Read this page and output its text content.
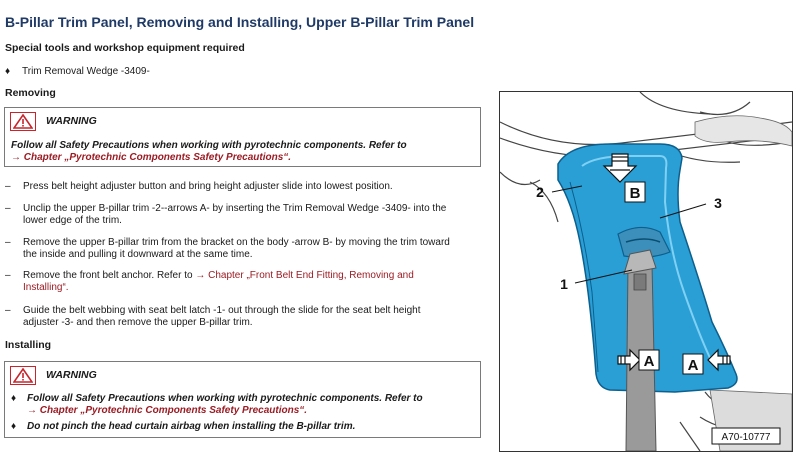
B-Pillar Trim Panel, Removing and Installing, Upper B-Pillar Trim Panel
Special tools and workshop equipment required
♦ Trim Removal Wedge -3409-
Removing
WARNING
Follow all Safety Precautions when working with pyrotechnic components. Refer to
→ Chapter „Pyrotechnic Components Safety Precautions“.
– Press belt height adjuster button and bring height adjuster slide into lowest position.
– Unclip the upper B-pillar trim -2--arrows A- by inserting the Trim Removal Wedge -3409- into the
lower edge of the trim.
– Remove the upper B-pillar trim from the bracket on the body -arrow B- by moving the trim toward
the inside and pulling it downward at the same time.
– Remove the front belt anchor. Refer to → Chapter „Front Belt End Fitting, Removing and
Installing“.
– Guide the belt webbing with seat belt latch -1- out through the slide for the seat belt height
adjuster -3- and then remove the upper B-pillar trim.
Installing
WARNING
♦ Follow all Safety Precautions when working with pyrotechnic components. Refer to
→ Chapter „Pyrotechnic Components Safety Precautions“.
♦ Do not pinch the head curtain airbag when installing the B-pillar trim.
B
A A
2
3
1
A70-10777
